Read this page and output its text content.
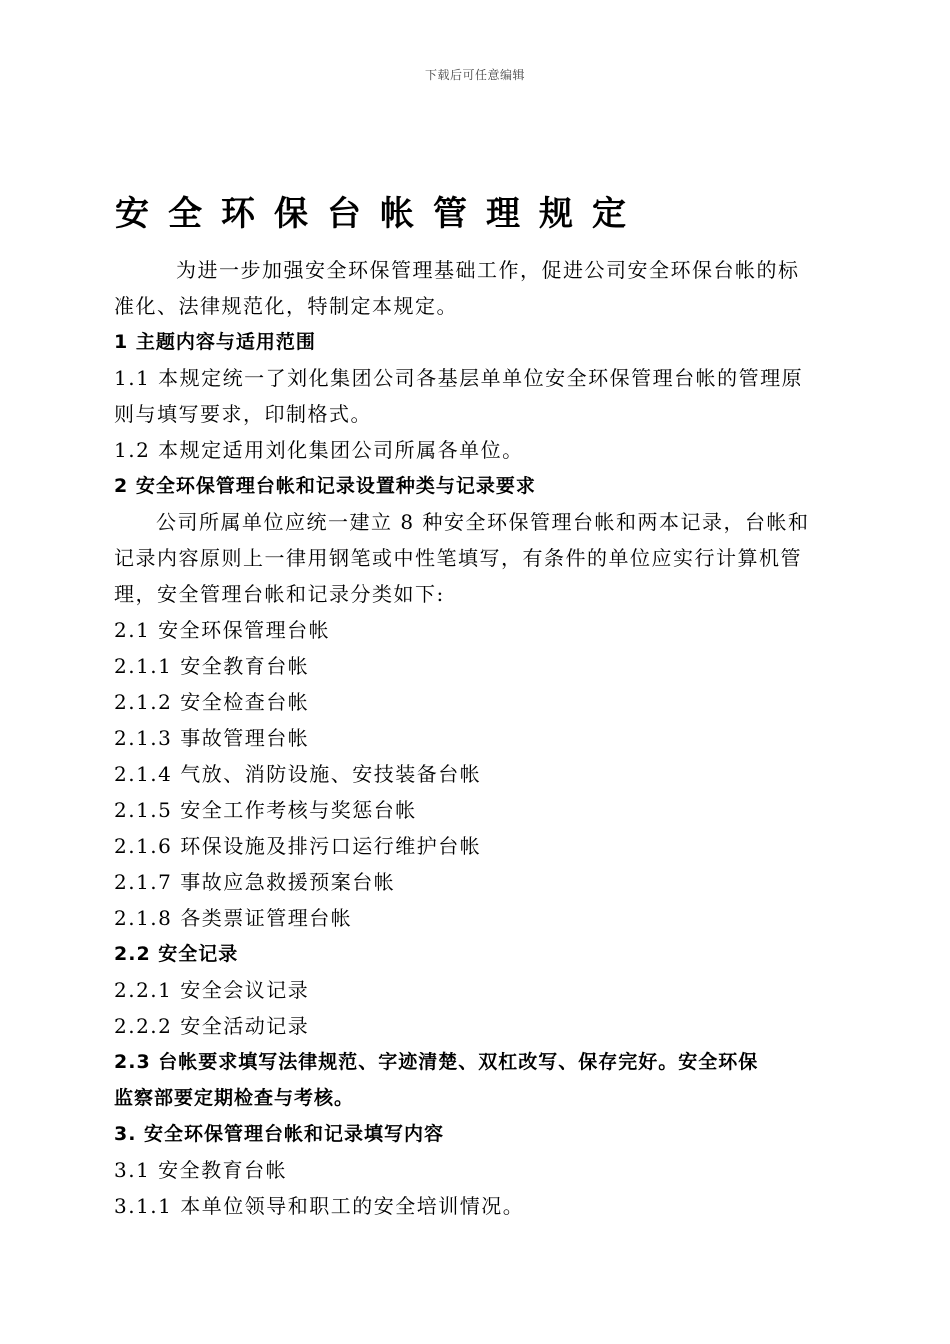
下载后可任意编辑
安全环保台帐管理规定
为进一步加强安全环保管理基础工作，促进公司安全环保台帐的标
准化、法律规范化，特制定本规定。
1 主题内容与适用范围
1.1 本规定统一了刘化集团公司各基层单单位安全环保管理台帐的管理原
则与填写要求，印制格式。
1.2 本规定适用刘化集团公司所属各单位。
2 安全环保管理台帐和记录设置种类与记录要求
公司所属单位应统一建立 8 种安全环保管理台帐和两本记录，台帐和
记录内容原则上一律用钢笔或中性笔填写，有条件的单位应实行计算机管
理，安全管理台帐和记录分类如下:
2.1 安全环保管理台帐
2.1.1 安全教育台帐
2.1.2 安全检查台帐
2.1.3 事故管理台帐
2.1.4 气放、消防设施、安技装备台帐
2.1.5 安全工作考核与奖惩台帐
2.1.6 环保设施及排污口运行维护台帐
2.1.7 事故应急救援预案台帐
2.1.8 各类票证管理台帐
2.2 安全记录
2.2.1 安全会议记录
2.2.2 安全活动记录
2.3 台帐要求填写法律规范、字迹清楚、双杠改写、保存完好。安全环保
监察部要定期检查与考核。
3. 安全环保管理台帐和记录填写内容
3.1 安全教育台帐
3.1.1 本单位领导和职工的安全培训情况。
